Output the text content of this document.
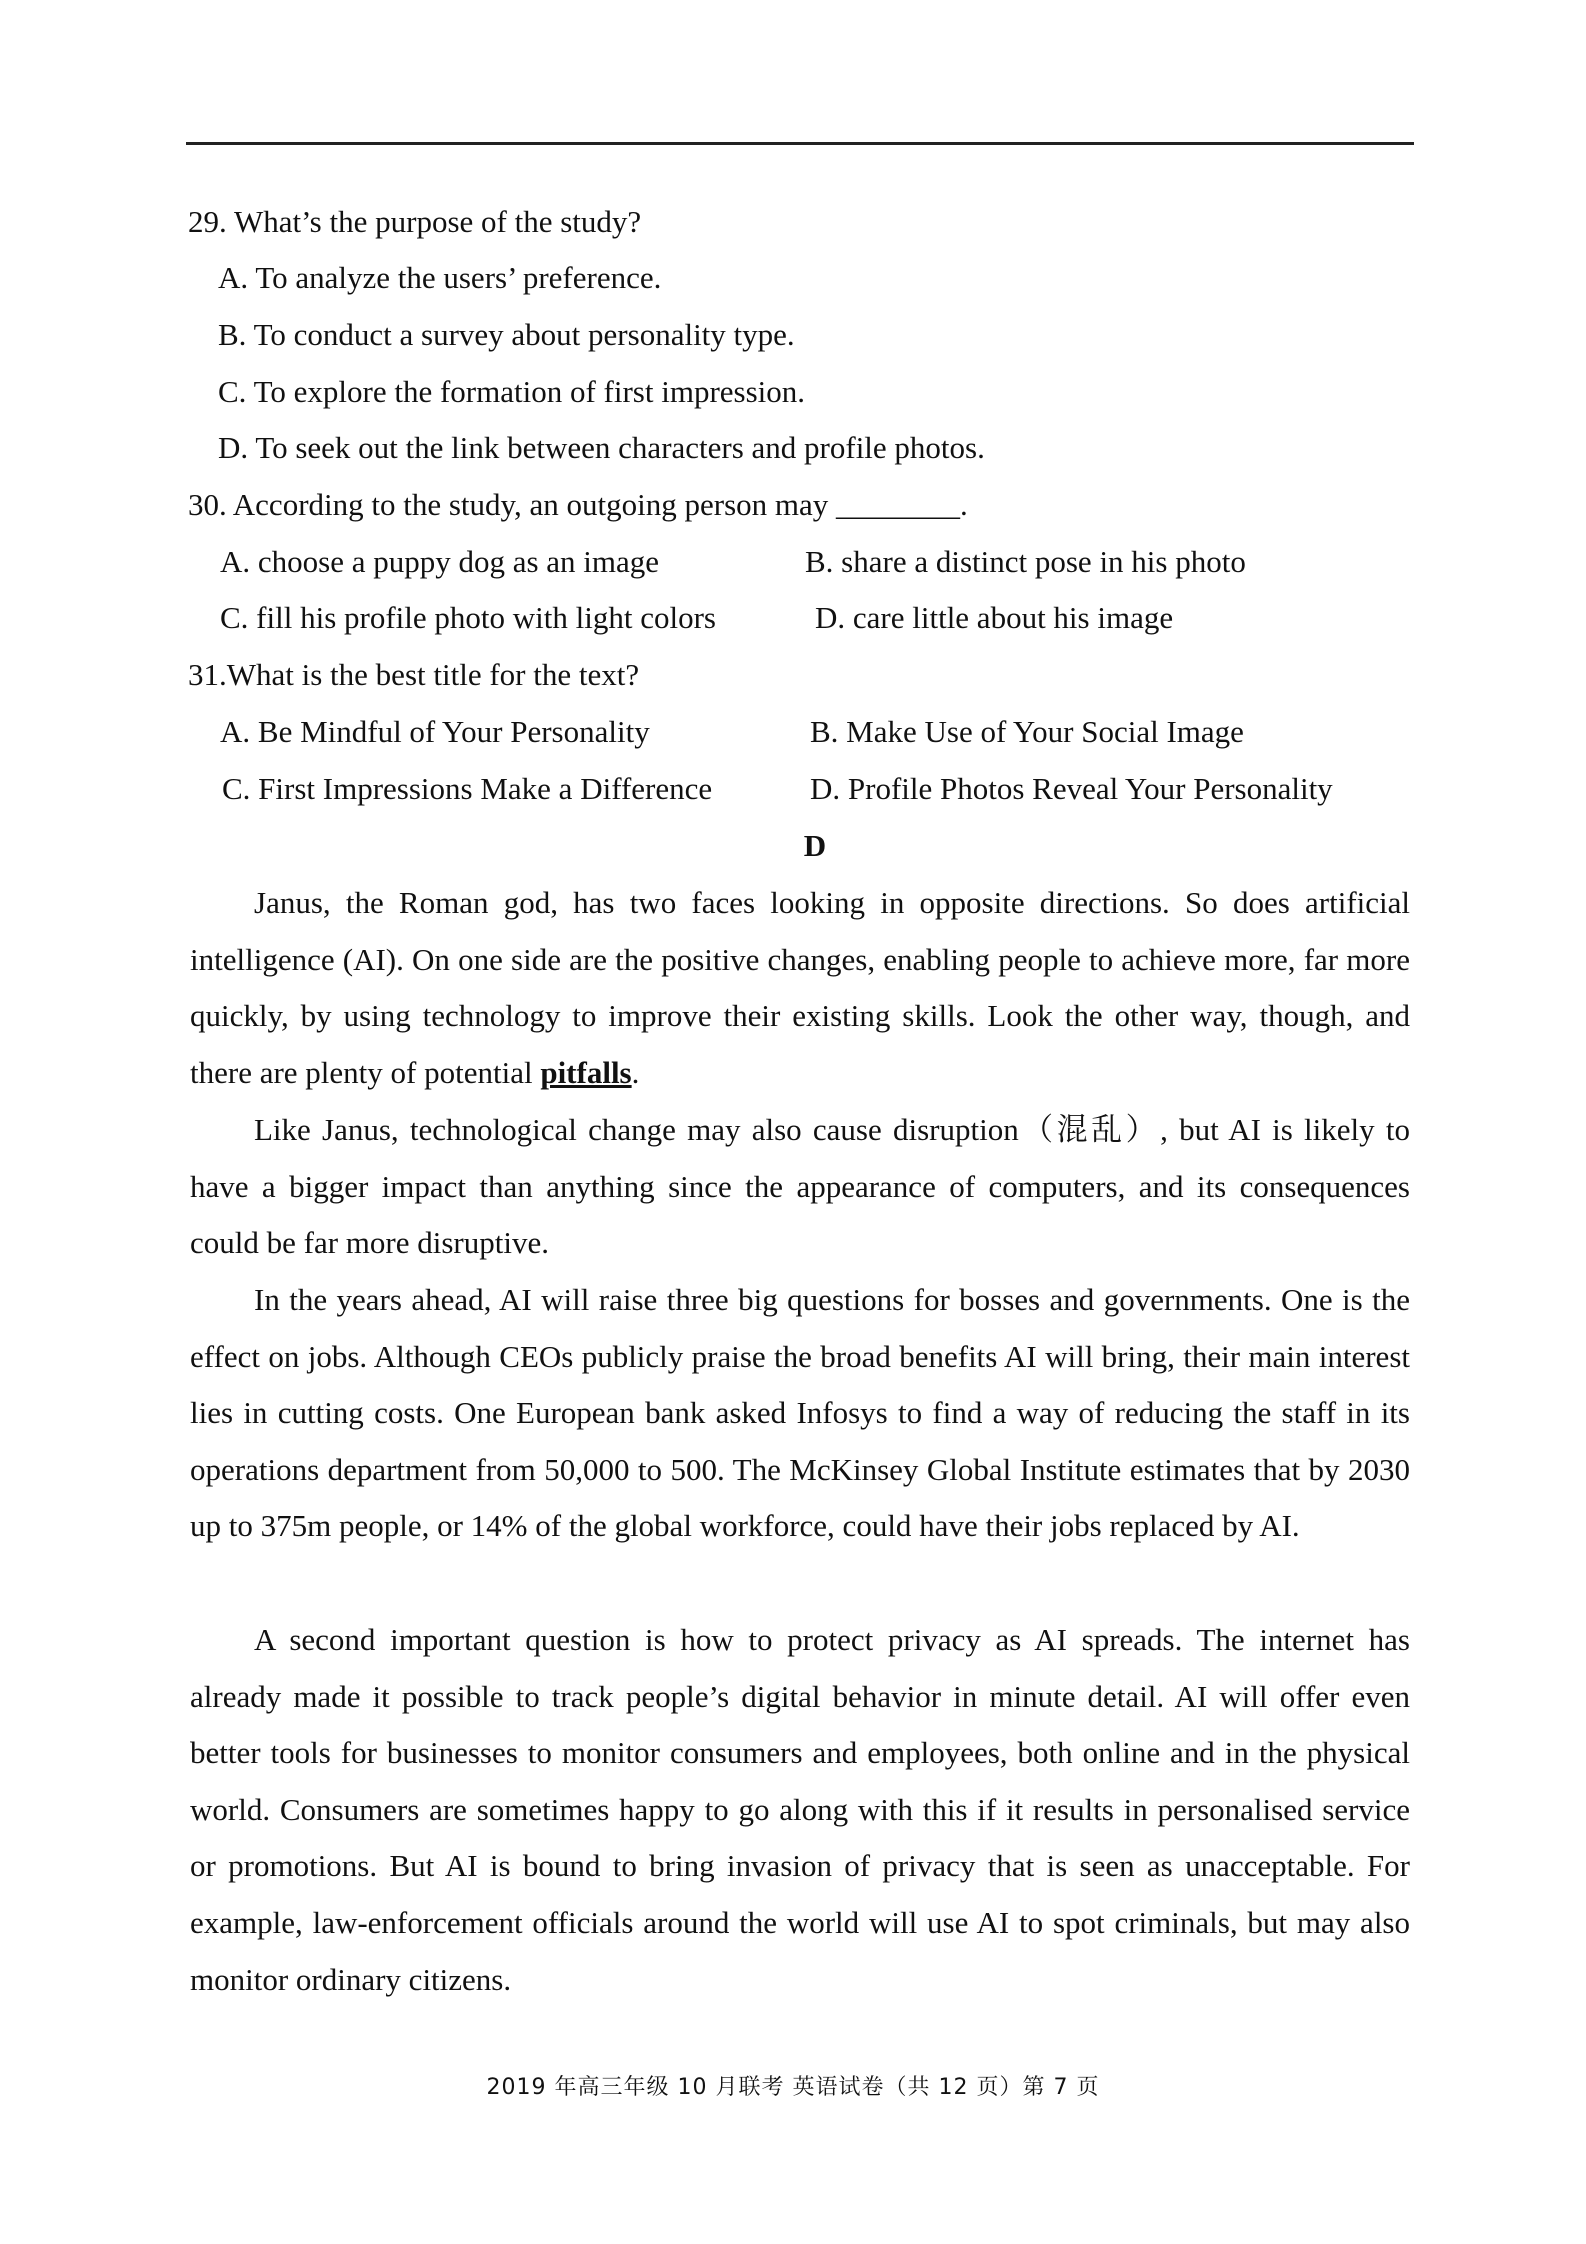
29. What’s the purpose of the study?
A. To analyze the users’ preference.
B. To conduct a survey about personality type.
C. To explore the formation of first impression.
D. To seek out the link between characters and profile photos.
30. According to the study, an outgoing person may ________.
A. choose a puppy dog as an image	B. share a distinct pose in his photo
C. fill his profile photo with light colors	D. care little about his image
31.What is the best title for the text?
A. Be Mindful of Your Personality	B. Make Use of Your Social Image
C. First Impressions Make a Difference	D. Profile Photos Reveal Your Personality
D
Janus, the Roman god, has two faces looking in opposite directions. So does artificial intelligence (AI). On one side are the positive changes, enabling people to achieve more, far more quickly, by using technology to improve their existing skills. Look the other way, though, and there are plenty of potential pitfalls.
Like Janus, technological change may also cause disruption（混乱）, but AI is likely to have a bigger impact than anything since the appearance of computers, and its consequences could be far more disruptive.
In the years ahead, AI will raise three big questions for bosses and governments. One is the effect on jobs. Although CEOs publicly praise the broad benefits AI will bring, their main interest lies in cutting costs. One European bank asked Infosys to find a way of reducing the staff in its operations department from 50,000 to 500. The McKinsey Global Institute estimates that by 2030 up to 375m people, or 14% of the global workforce, could have their jobs replaced by AI.
A second important question is how to protect privacy as AI spreads. The internet has already made it possible to track people’s digital behavior in minute detail. AI will offer even better tools for businesses to monitor consumers and employees, both online and in the physical world. Consumers are sometimes happy to go along with this if it results in personalised service or promotions. But AI is bound to bring invasion of privacy that is seen as unacceptable. For example, law-enforcement officials around the world will use AI to spot criminals, but may also monitor ordinary citizens.
2019 年高三年级 10 月联考 英语试卷（共 12 页）第 7 页
